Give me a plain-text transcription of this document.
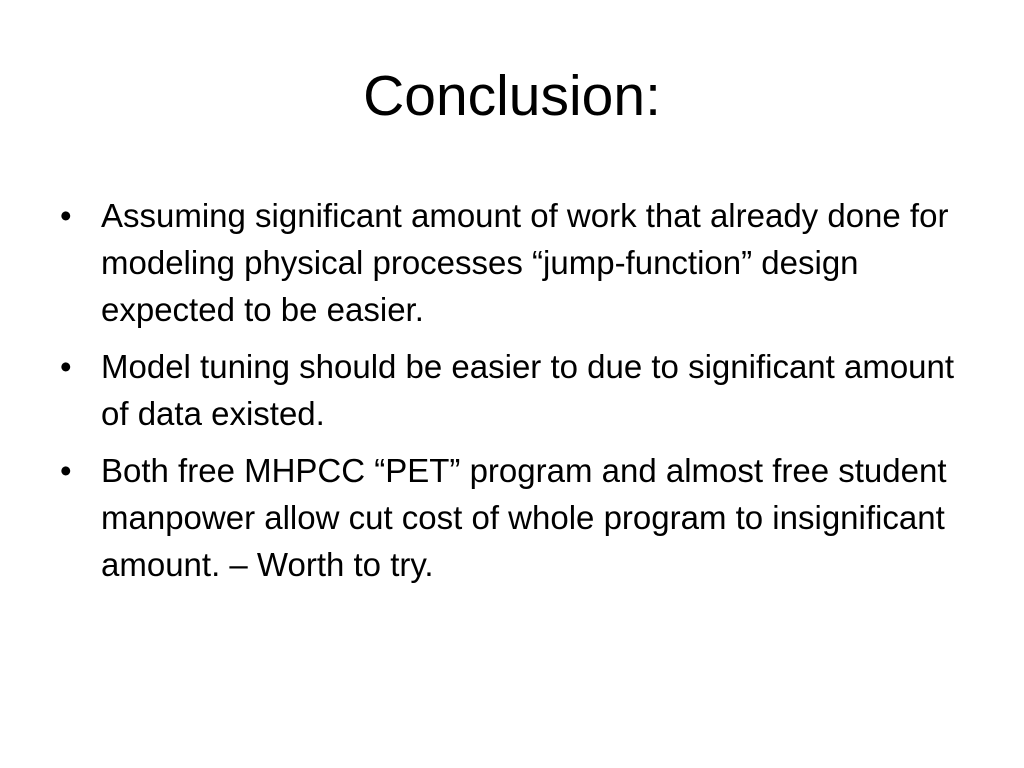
Conclusion:
• Assuming significant amount of work that already done for modeling physical processes “jump-function” design expected to be easier.
• Model tuning should be easier to due to significant amount of data existed.
• Both free MHPCC “PET” program and almost free student manpower allow cut cost of whole program to insignificant amount. – Worth to try.
